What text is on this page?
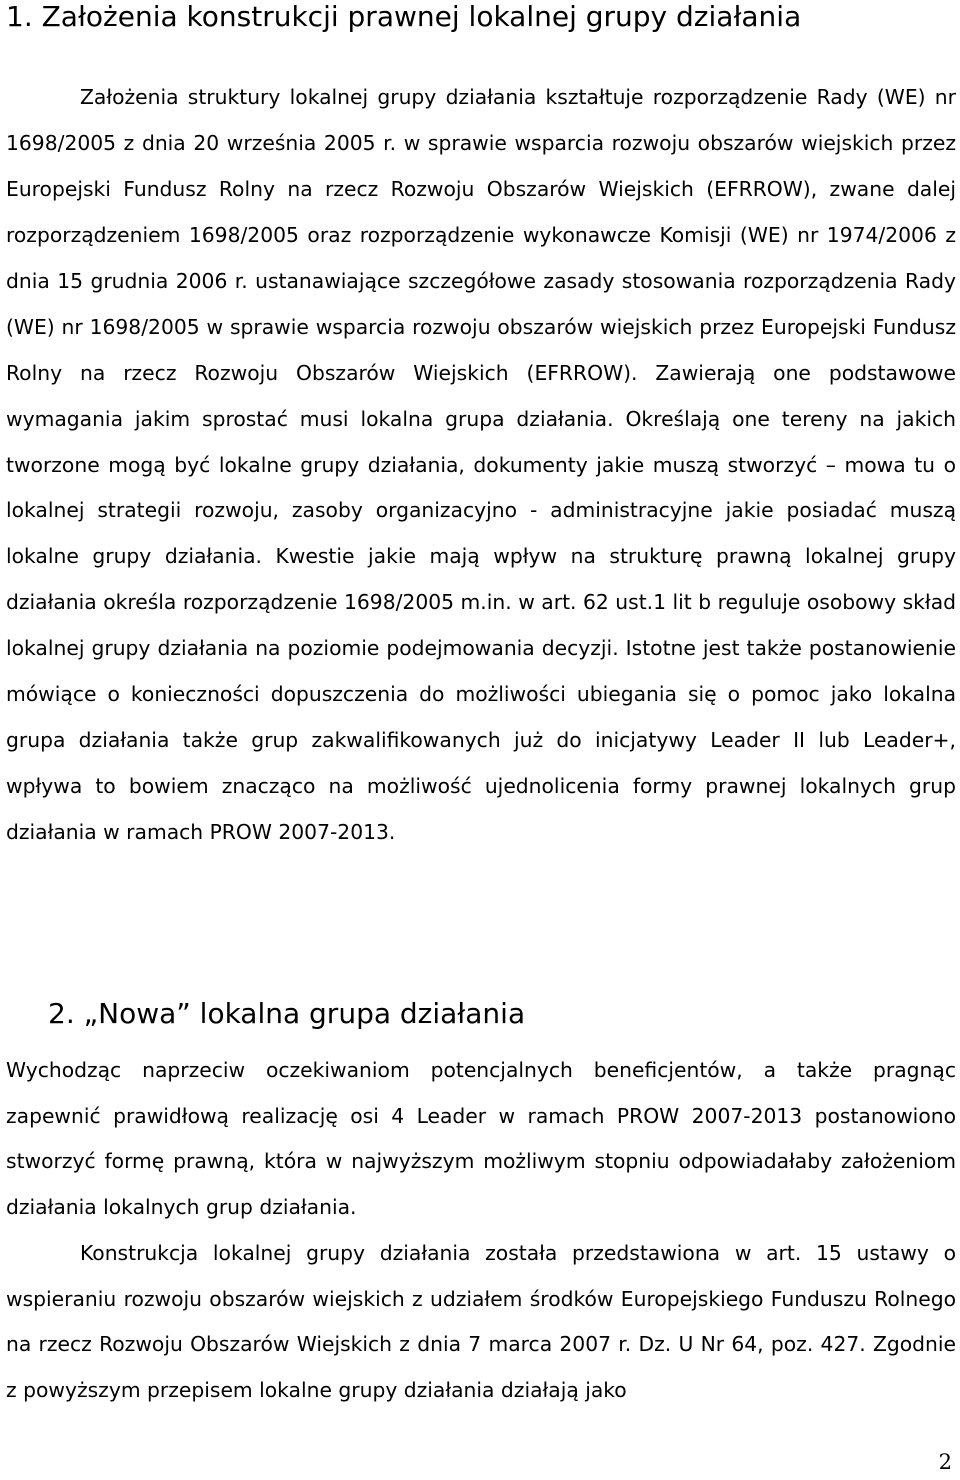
1. Założenia konstrukcji prawnej lokalnej grupy działania

Założenia struktury lokalnej grupy działania kształtuje rozporządzenie Rady (WE) nr 1698/2005 z dnia 20 września 2005 r. w sprawie wsparcia rozwoju obszarów wiejskich przez Europejski Fundusz Rolny na rzecz Rozwoju Obszarów Wiejskich (EFRROW), zwane dalej rozporządzeniem 1698/2005 oraz rozporządzenie wykonawcze Komisji (WE) nr 1974/2006 z dnia 15 grudnia 2006 r. ustanawiające szczegółowe zasady stosowania rozporządzenia Rady (WE) nr 1698/2005 w sprawie wsparcia rozwoju obszarów wiejskich przez Europejski Fundusz Rolny na rzecz Rozwoju Obszarów Wiejskich (EFRROW). Zawierają one podstawowe wymagania jakim sprostać musi lokalna grupa działania. Określają one tereny na jakich tworzone mogą być lokalne grupy działania, dokumenty jakie muszą stworzyć – mowa tu o lokalnej strategii rozwoju, zasoby organizacyjno - administracyjne jakie posiadać muszą lokalne grupy działania. Kwestie jakie mają wpływ na strukturę prawną lokalnej grupy działania określa rozporządzenie 1698/2005 m.in. w art. 62 ust.1 lit b reguluje osobowy skład lokalnej grupy działania na poziomie podejmowania decyzji. Istotne jest także postanowienie mówiące o konieczności dopuszczenia do możliwości ubiegania się o pomoc jako lokalna grupa działania także grup zakwalifikowanych już do inicjatywy Leader II lub Leader+, wpływa to bowiem znacząco na możliwość ujednolicenia formy prawnej lokalnych grup działania w ramach PROW 2007-2013.

2. „Nowa” lokalna grupa działania

Wychodząc naprzeciw oczekiwaniom potencjalnych beneficjentów, a także pragnąc zapewnić prawidłową realizację osi 4 Leader w ramach PROW 2007-2013 postanowiono stworzyć formę prawną, która w najwyższym możliwym stopniu odpowiadałaby założeniom działania lokalnych grup działania.

Konstrukcja lokalnej grupy działania została przedstawiona w art. 15 ustawy o wspieraniu rozwoju obszarów wiejskich z udziałem środków Europejskiego Funduszu Rolnego na rzecz Rozwoju Obszarów Wiejskich z dnia 7 marca 2007 r. Dz. U Nr 64, poz. 427. Zgodnie z powyższym przepisem lokalne grupy działania działają jako

2
